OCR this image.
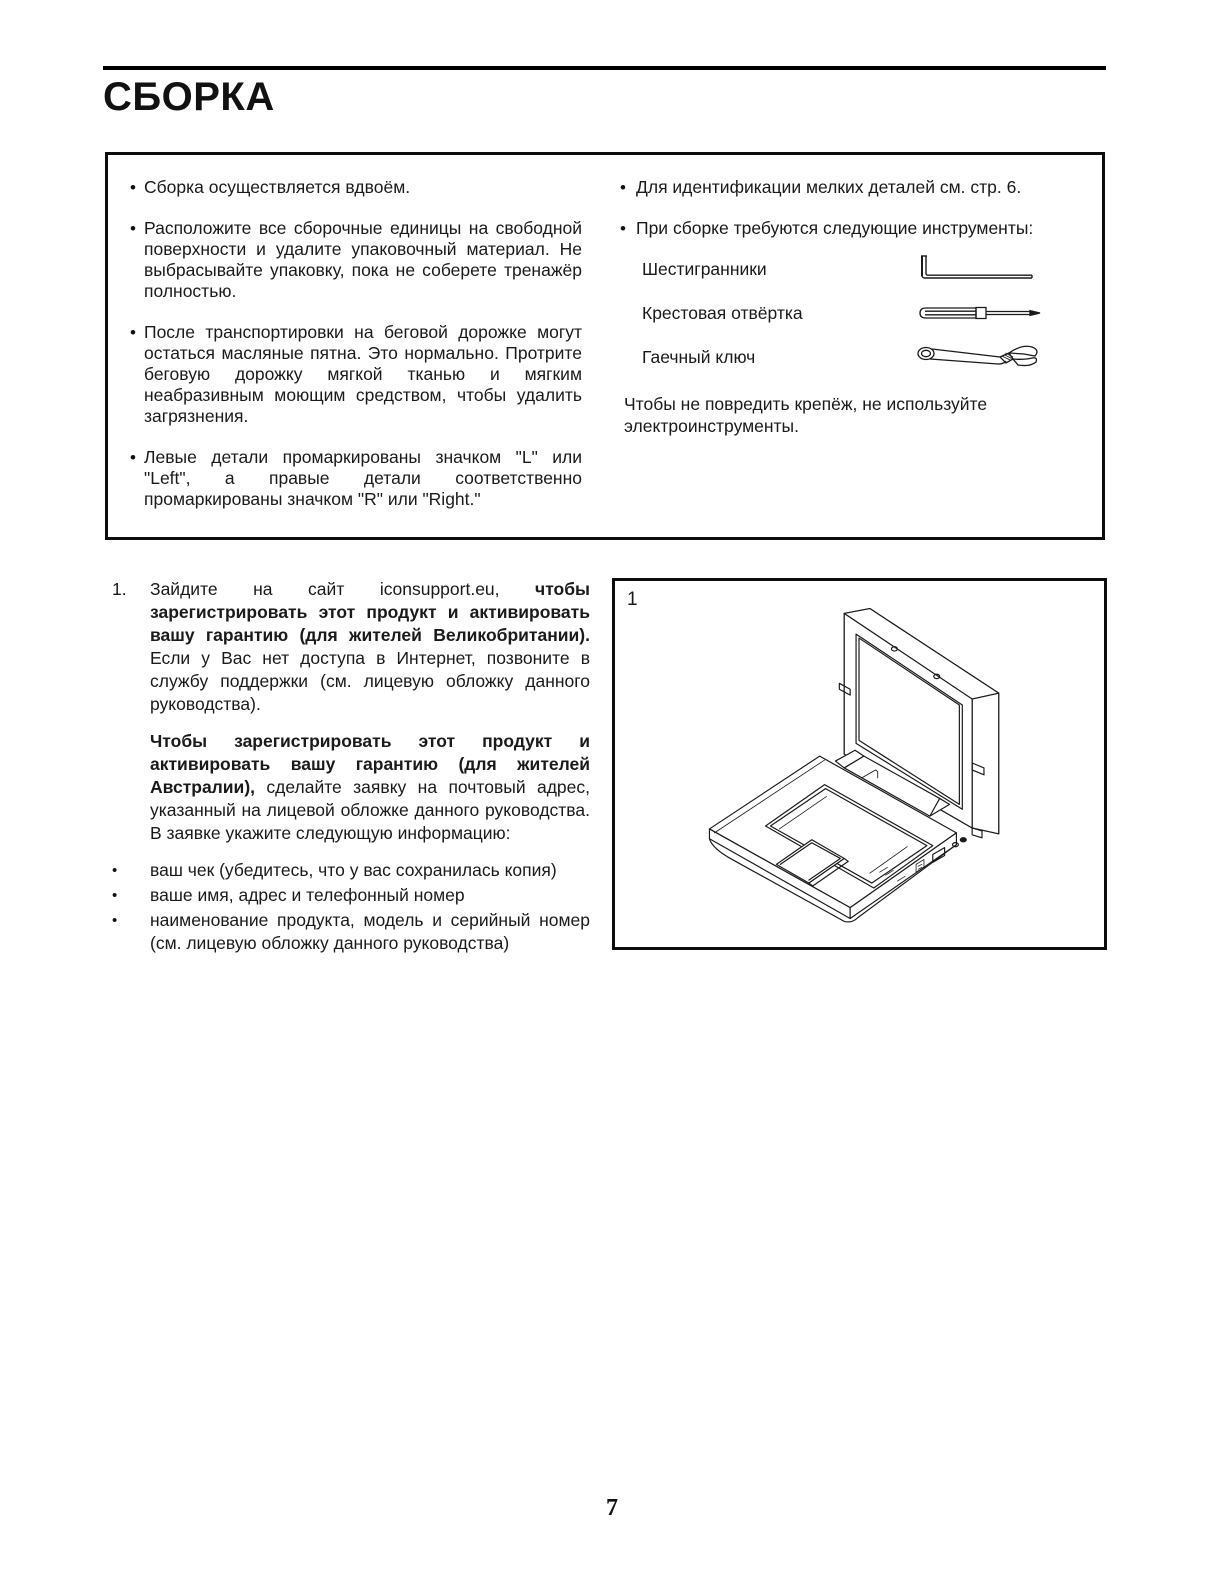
СБОРКА
• Сборка осуществляется вдвоём.
• Расположите все сборочные единицы на свободной поверхности и удалите упаковочный материал. Не выбрасывайте упаковку, пока не соберете тренажёр полностью.
• После транспортировки на беговой дорожке могут остаться масляные пятна. Это нормально. Протрите беговую дорожку мягкой тканью и мягким неабразивным моющим средством, чтобы удалить загрязнения.
• Левые детали промаркированы значком "L" или "Left", а правые детали соответственно промаркированы значком "R" или "Right."
• Для идентификации мелких деталей см. стр. 6.
• При сборке требуются следующие инструменты:
Шестигранники
Крестовая отвёртка
Гаечный ключ
Чтобы не повредить крепёж, не используйте электроинструменты.
1.	Зайдите на сайт iconsupport.eu, чтобы зарегистрировать этот продукт и активировать вашу гарантию (для жителей Великобритании). Если у Вас нет доступа в Интернет, позвоните в службу поддержки (см. лицевую обложку данного руководства).
Чтобы зарегистрировать этот продукт и активировать вашу гарантию (для жителей Австралии), сделайте заявку на почтовый адрес, указанный на лицевой обложке данного руководства. В заявке укажите следующую информацию:
•	ваш чек (убедитесь, что у вас сохранилась копия)
•	ваше имя, адрес и телефонный номер
•	наименование продукта, модель и серийный номер (см. лицевую обложку данного руководства)
1
7
